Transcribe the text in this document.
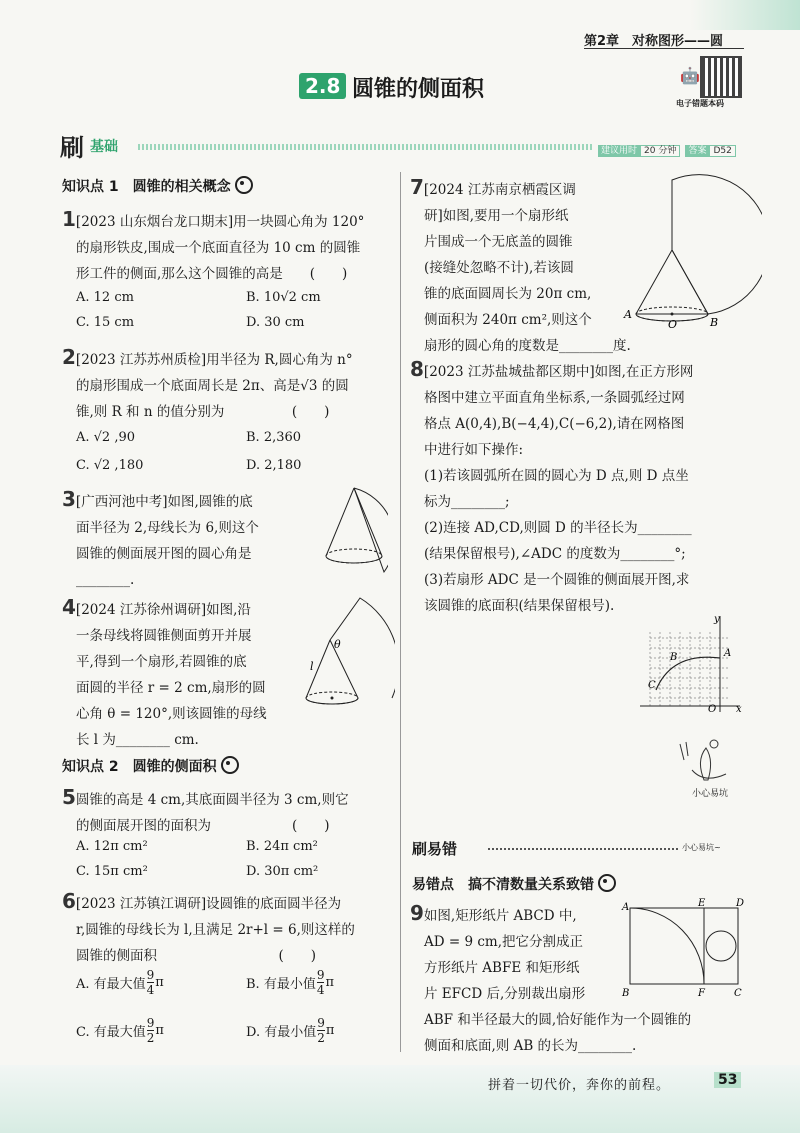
第2章　对称图形——圆
🤖
电子错题本码
2.8 圆锥的侧面积
刷 基础	建议用时 20 分钟 答案 D52
知识点 1　圆锥的相关概念
1[2023 山东烟台龙口期末]用一块圆心角为 120°
的扇形铁皮,围成一个底面直径为 10 cm 的圆锥
形工件的侧面,那么这个圆锥的高是　　(　　)
A. 12 cm	B. 10√2 cm
C. 15 cm	D. 30 cm
2[2023 江苏苏州质检]用半径为 R,圆心角为 n°
的扇形围成一个底面周长是 2π、高是√3 的圆
锥,则 R 和 n 的值分别为　　　　　(　　)
A. √2 ,90	B. 2,360
C. √2 ,180	D. 2,180
3[广西河池中考]如图,圆锥的底
面半径为 2,母线长为 6,则这个
圆锥的侧面展开图的圆心角是
________.
4[2024 江苏徐州调研]如图,沿
一条母线将圆锥侧面剪开并展
平,得到一个扇形,若圆锥的底
面圆的半径 r = 2 cm,扇形的圆
心角 θ = 120°,则该圆锥的母线
长 l 为________ cm.
θ
l
知识点 2　圆锥的侧面积
5圆锥的高是 4 cm,其底面圆半径为 3 cm,则它
的侧面展开图的面积为　　　　　　(　　)
A. 12π cm²	B. 24π cm²
C. 15π cm²	D. 30π cm²
6[2023 江苏镇江调研]设圆锥的底面圆半径为
r,圆锥的母线长为 l,且满足 2r+l = 6,则这样的
圆锥的侧面积　　　　　　　　　(　　)
A. 有最大值
9
4 π	B. 有最小值
9
4 π
C. 有最大值
9
2 π	D. 有最小值
9
2 π
7[2024 江苏南京栖霞区调
研]如图,要用一个扇形纸
片围成一个无底盖的圆锥
(接缝处忽略不计),若该圆
锥的底面圆周长为 20π cm,
侧面积为 240π cm²,则这个
扇形的圆心角的度数是________度.
A
O	B
8[2023 江苏盐城盐都区期中]如图,在正方形网
格图中建立平面直角坐标系,一条圆弧经过网
格点 A(0,4),B(−4,4),C(−6,2),请在网格图
中进行如下操作:
(1)若该圆弧所在圆的圆心为 D 点,则 D 点坐
标为________;
(2)连接 AD,CD,则圆 D 的半径长为________
(结果保留根号),∠ADC 的度数为________°;
(3)若扇形 ADC 是一个圆锥的侧面展开图,求
该圆锥的底面积(结果保留根号).
y
B	A
C
O x
小心易坑
刷易错	小心易坑~
易错点　搞不清数量关系致错
9如图,矩形纸片 ABCD 中,
AD = 9 cm,把它分割成正
方形纸片 ABFE 和矩形纸
片 EFCD 后,分别裁出扇形
ABF 和半径最大的圆,恰好能作为一个圆锥的
侧面和底面,则 AB 的长为________.
A	E	D
B	F	C
拼着一切代价，奔你的前程。	53
